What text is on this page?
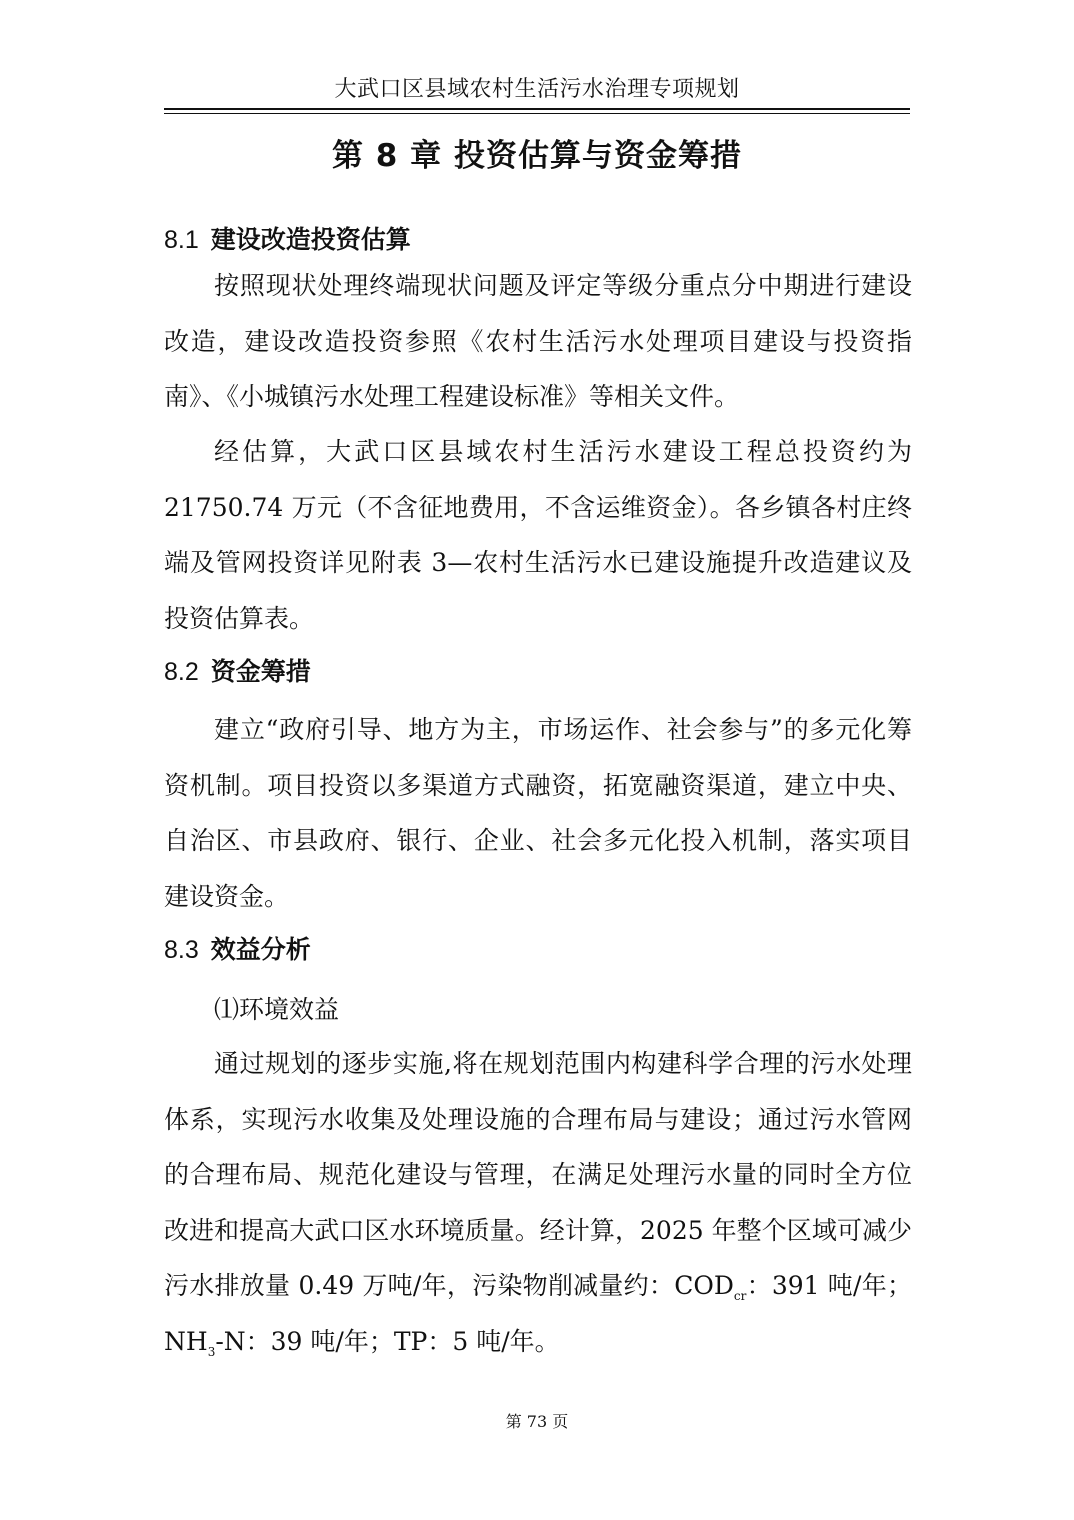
大武口区县域农村生活污水治理专项规划
第 8 章 投资估算与资金筹措
8.1 建设改造投资估算

按照现状处理终端现状问题及评定等级分重点分中期进行建设改造，建设改造投资参照《农村生活污水处理项目建设与投资指南》、《小城镇污水处理工程建设标准》等相关文件。

经估算，大武口区县域农村生活污水建设工程总投资约为21750.74 万元（不含征地费用，不含运维资金）。各乡镇各村庄终端及管网投资详见附表 3—农村生活污水已建设施提升改造建议及投资估算表。

8.2 资金筹措

建立“政府引导、地方为主，市场运作、社会参与”的多元化筹资机制。项目投资以多渠道方式融资，拓宽融资渠道，建立中央、自治区、市县政府、银行、企业、社会多元化投入机制，落实项目建设资金。

8.3 效益分析

⑴环境效益

通过规划的逐步实施,将在规划范围内构建科学合理的污水处理体系，实现污水收集及处理设施的合理布局与建设；通过污水管网的合理布局、规范化建设与管理，在满足处理污水量的同时全方位改进和提高大武口区水环境质量。经计算，2025 年整个区域可减少污水排放量 0.49 万吨/年，污染物削减量约：$COD_{cr}$：391 吨/年；$NH_3-N$：39 吨/年；TP：5 吨/年。

第 73 页
